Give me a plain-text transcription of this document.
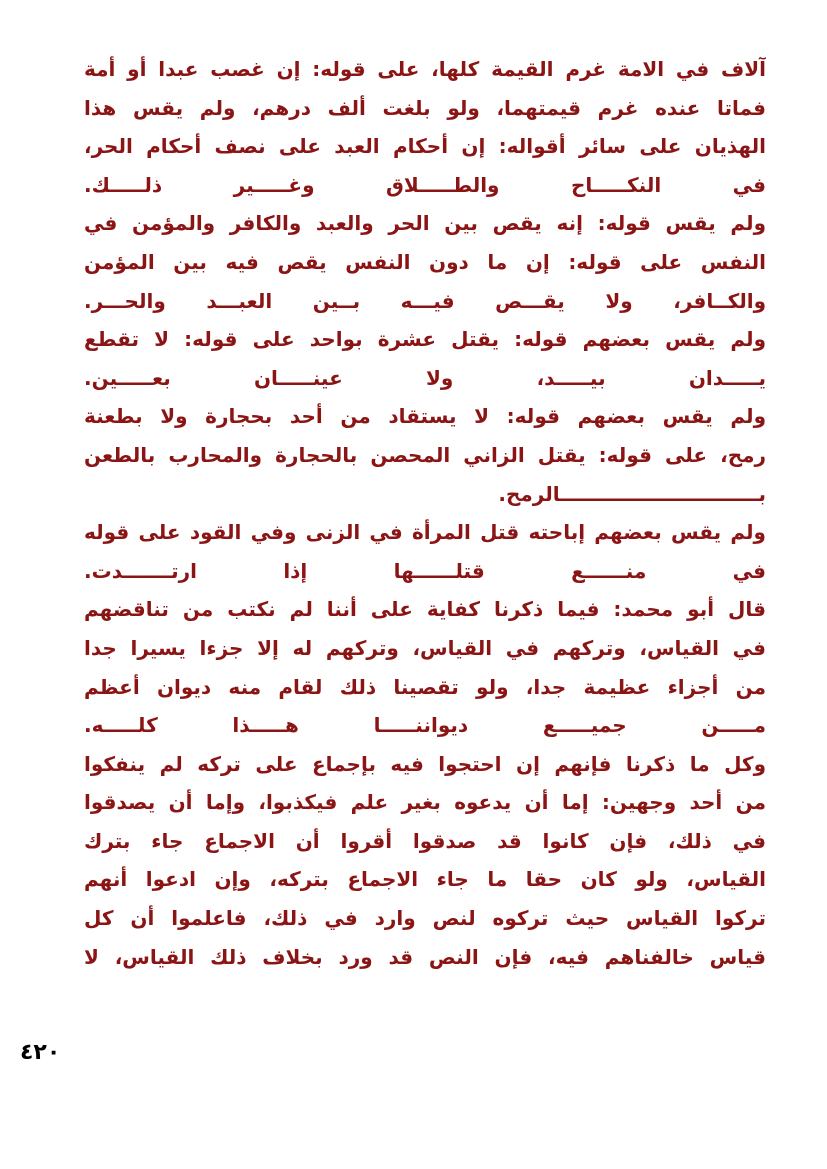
آلاف في الامة غرم القيمة كلها، على قوله: إن غصب عبدا أو أمة
فماتا عنده غرم قيمتهما، ولو بلغت ألف درهم، ولم يقس هذا
الهذيان على سائر أقواله: إن أحكام العبد على نصف أحكام الحر،
في النكـــــاح والطـــــلاق وغـــــير ذلـــــك.
ولم يقس قوله: إنه يقص بين الحر والعبد والكافر والمؤمن في
النفس على قوله: إن ما دون النفس يقص فيه بين المؤمن
والكــافر، ولا يقـــص فيـــه بــين العبـــد والحـــر.
ولم يقس بعضهم قوله: يقتل عشرة بواحد على قوله: لا تقطع
يـــــدان بيـــــد، ولا عينـــــان بعـــــين.
ولم يقس بعضهم قوله: لا يستقاد من أحد بحجارة ولا بطعنة
رمح، على قوله: يقتل الزاني المحصن بالحجارة والمحارب بالطعن
بـــــــــــــــــــــــــــــالرمح.
ولم يقس بعضهم إباحته قتل المرأة في الزنى وفي القود على قوله
في منــــــع قتلــــــها إذا ارتـــــــدت.
قال أبو محمد: فيما ذكرنا كفاية على أننا لم نكتب من تناقضهم
في القياس، وتركهم في القياس، وتركهم له إلا جزءا يسيرا جدا
من أجزاء عظيمة جدا، ولو تقصينا ذلك لقام منه ديوان أعظم
مـــــن جميـــــع ديواننـــــا هـــــذا كلـــــه.
وكل ما ذكرنا فإنهم إن احتجوا فيه بإجماع على تركه لم ينفكوا
من أحد وجهين: إما أن يدعوه بغير علم فيكذبوا، وإما أن يصدقوا
في ذلك، فإن كانوا قد صدقوا أقروا أن الاجماع جاء بترك
القياس، ولو كان حقا ما جاء الاجماع بتركه، وإن ادعوا أنهم
تركوا القياس حيث تركوه لنص وارد في ذلك، فاعلموا أن كل
قياس خالفناهم فيه، فإن النص قد ورد بخلاف ذلك القياس، لا
٤٢٠
